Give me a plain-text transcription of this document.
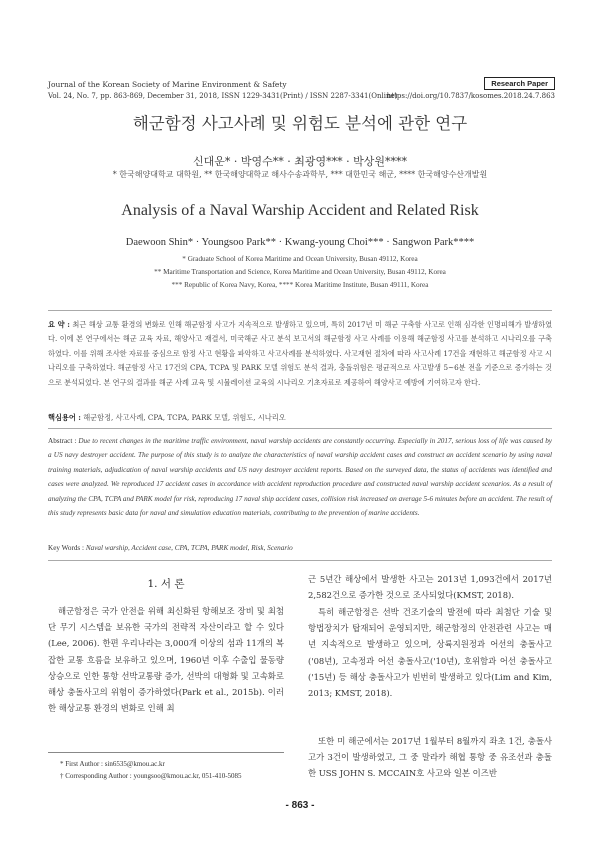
Journal of the Korean Society of Marine Environment & Safety	Research Paper
Vol. 24, No. 7, pp. 863-869, December 31, 2018, ISSN 1229-3431(Print) / ISSN 2287-3341(Online)
https://doi.org/10.7837/kosomes.2018.24.7.863
해군함정 사고사례 및 위험도 분석에 관한 연구
신대운* · 박영수** · 최광영*** · 박상원****
* 한국해양대학교 대학원, ** 한국해양대학교 해사수송과학부, *** 대한민국 해군, **** 한국해양수산개발원
Analysis of a Naval Warship Accident and Related Risk
Daewoon Shin* · Youngsoo Park** · Kwang-young Choi*** · Sangwon Park****
* Graduate School of Korea Maritime and Ocean University, Busan 49112, Korea
** Maritime Transportation and Science, Korea Maritime and Ocean University, Busan 49112, Korea
*** Republic of Korea Navy, Korea, **** Korea Maritime Institute, Busan 49111, Korea
요 약 : 최근 해상 교통 환경의 변화로 인해 해군함정 사고가 지속적으로 발생하고 있으며, 특히 2017년 미 해군 구축함 사고로 인해 심각한 인명피해가 발생하였다. 이에 본 연구에서는 해군 교육 자료, 해양사고 재결서, 미국해군 사고 분석 보고서의 해군함정 사고 사례를 이용해 해군함정 사고를 분석하고 시나리오를 구축하였다. 이를 위해 조사한 자료를 중심으로 함정 사고 현황을 파악하고 사고사례를 분석하였다. 사고재현 절차에 따라 사고사례 17건을 재현하고 해군함정 사고 시나리오를 구축하였다. 해군함정 사고 17건의 CPA, TCPA 및 PARK 모델 위험도 분석 결과, 충돌위험은 평균적으로 사고발생 5~6분 전을 기준으로 증가하는 것으로 분석되었다. 본 연구의 결과를 해군 사례 교육 및 시뮬레이션 교육의 시나리오 기초자료로 제공하여 해양사고 예방에 기여하고자 한다.
핵심용어 : 해군함정, 사고사례, CPA, TCPA, PARK 모델, 위험도, 시나리오
Abstract : Due to recent changes in the maritime traffic environment, naval warship accidents are constantly occurring. Especially in 2017, serious loss of life was caused by a US navy destroyer accident. The purpose of this study is to analyze the characteristics of naval warship accident cases and construct an accident scenario by using naval training materials, adjudication of naval warship accidents and US navy destroyer accident reports. Based on the surveyed data, the status of accidents was identified and cases were analyzed. We reproduced 17 accident cases in accordance with accident reproduction procedure and constructed naval warship accident scenarios. As a result of analyzing the CPA, TCPA and PARK model for risk, reproducing 17 naval ship accident cases, collision risk increased on average 5-6 minutes before an accident. The result of this study represents basic data for naval and simulation education materials, contributing to the prevention of marine accidents.
Key Words : Naval warship, Accident case, CPA, TCPA, PARK model, Risk, Scenario
1. 서 론
해군함정은 국가 안전을 위해 최신화된 항해보조 장비 및 최첨단 무기 시스템을 보유한 국가의 전략적 자산이라고 할 수 있다(Lee, 2006). 한편 우리나라는 3,000개 이상의 섬과 11개의 복잡한 교통 흐름을 보유하고 있으며, 1960년 이후 수출입 물동량 상승으로 인한 통항 선박교통량 증가, 선박의 대형화 및 고속화로 해상 충돌사고의 위험이 증가하였다(Park et al., 2015b). 이러한 해상교통 환경의 변화로 인해 최
근 5년간 해상에서 발생한 사고는 2013년 1,093건에서 2017년 2,582건으로 증가한 것으로 조사되었다(KMST, 2018).
특히 해군함정은 선박 건조기술의 발전에 따라 최첨단 기술 및 항법장치가 탑재되어 운영되지만, 해군함정의 안전관련 사고는 매년 지속적으로 발생하고 있으며, 상륙지원정과 어선의 충돌사고('08년), 고속정과 어선 충돌사고('10년), 호위함과 어선 충돌사고('15년) 등 해상 충돌사고가 빈번히 발생하고 있다(Lim and Kim, 2013; KMST, 2018).
또한 미 해군에서는 2017년 1월부터 8월까지 좌초 1건, 충돌사고가 3건이 발생하였고, 그 중 말라카 해협 통항 중 유조선과 충돌한 USS JOHN S. MCCAIN호 사고와 일본 이즈반
* First Author : sin6535@kmou.ac.kr
† Corresponding Author : youngsoo@kmou.ac.kr, 051-410-5085
- 863 -
